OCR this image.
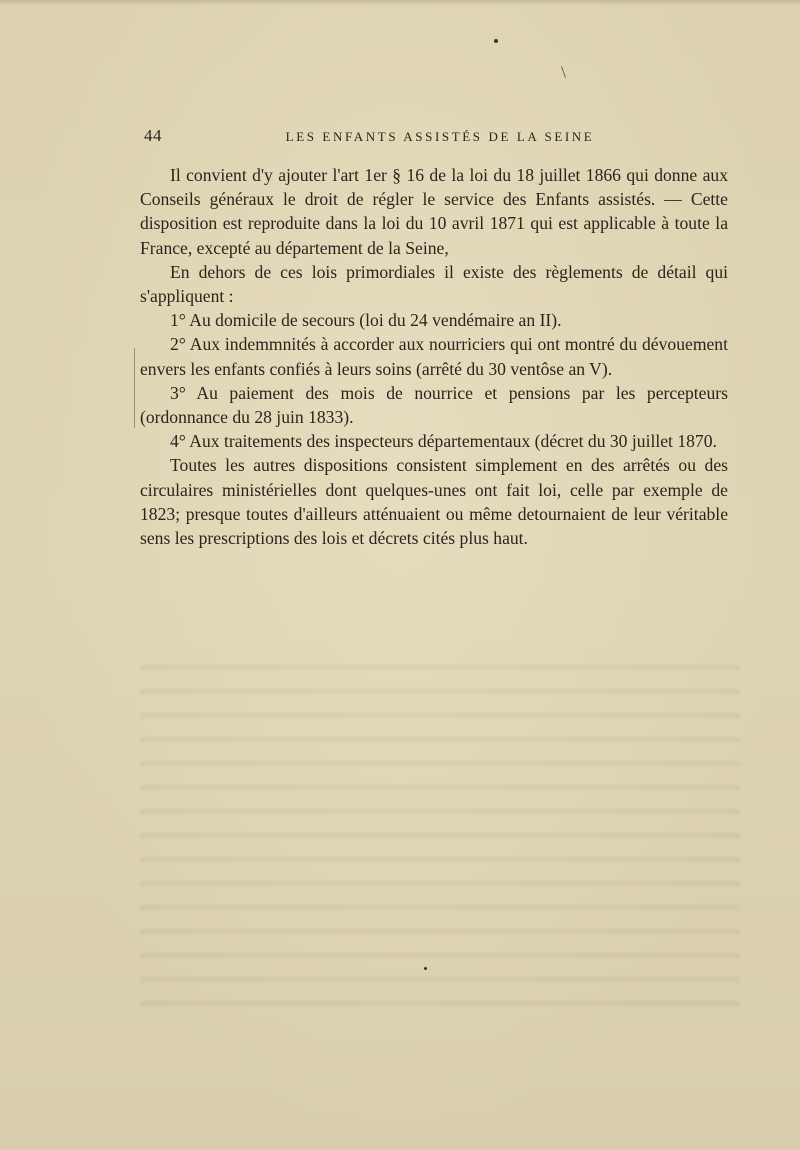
44	LES ENFANTS ASSISTÉS DE LA SEINE

Il convient d'y ajouter l'art 1er § 16 de la loi du 18 juillet 1866 qui donne aux Conseils généraux le droit de régler le service des Enfants assistés. — Cette disposition est reproduite dans la loi du 10 avril 1871 qui est applicable à toute la France, excepté au département de la Seine,

En dehors de ces lois primordiales il existe des règlements de détail qui s'appliquent :

1° Au domicile de secours (loi du 24 vendémaire an II).

2° Aux indemmnités à accorder aux nourriciers qui ont montré du dévouement envers les enfants confiés à leurs soins (arrêté du 30 ventôse an V).

3° Au paiement des mois de nourrice et pensions par les percepteurs (ordonnance du 28 juin 1833).

4° Aux traitements des inspecteurs départementaux (décret du 30 juillet 1870.

Toutes les autres dispositions consistent simplement en des arrêtés ou des circulaires ministérielles dont quelques-unes ont fait loi, celle par exemple de 1823; presque toutes d'ailleurs atténuaient ou même detournaient de leur véritable sens les prescriptions des lois et décrets cités plus haut.
